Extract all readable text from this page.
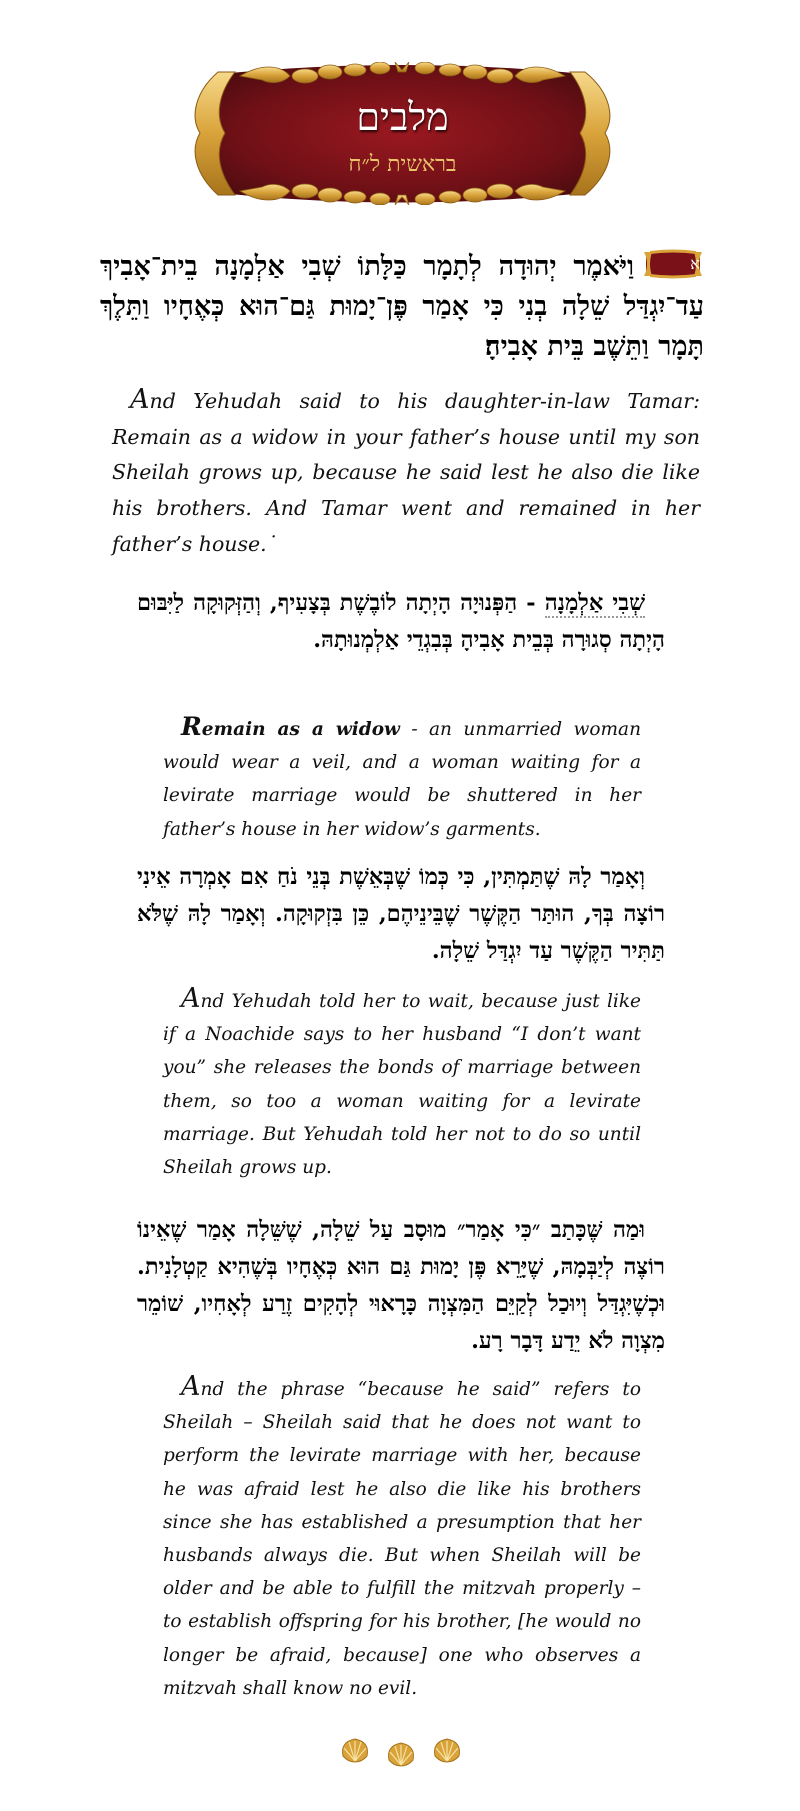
מלבים
בראשית ל״ח
יא
וַיֹּאמֶר יְהוּדָה לְתָמָר כַּלָּתוֹ שְׁבִי אַלְמָנָה בֵית־אָבִיךְ עַד־יִגְדַּל שֵׁלָה בְנִי כִּי אָמַר פֶּן־יָמוּת גַּם־הוּא כְּאֶחָיו וַתֵּלֶךְ תָּמָר וַתֵּשֶׁב בֵּית אָבִיהָ׃

And Yehudah said to his daughter-in-law Tamar: Remain as a widow in your father’s house until my son Sheilah grows up, because he said lest he also die like his brothers. And Tamar went and remained in her father’s house.˙

שְׁבִי אַלְמָנָה - הַפְּנוּיָה הָיְתָה לוֹבֶשֶׁת בְּצָעִיף, וְהַזְּקוּקָה לַיִּבּוּם הָיְתָה סְגוּרָה בְּבֵית אָבִיהָ בְּבִגְדֵי אַלְמְנוּתָהּ.

Remain as a widow - an unmarried woman would wear a veil, and a woman waiting for a levirate marriage would be shuttered in her father’s house in her widow’s garments.

וְאָמַר לָהּ שֶׁתַּמְתִּין, כִּי כְּמוֹ שֶׁבְּאֵשֶׁת בְּנֵי נֹחַ אִם אָמְרָה אֵינִי רוֹצָה בְּךָ, הוּתַּר הַקֶּשֶׁר שֶׁבֵּינֵיהֶם, כֵּן בִּזְקוּקָה. וְאָמַר לָהּ שֶׁלֹּא תַּתִּיר הַקֶּשֶׁר עַד יִגְדַּל שֵׁלָה.

And Yehudah told her to wait, because just like if a Noachide says to her husband “I don’t want you” she releases the bonds of marriage between them, so too a woman waiting for a levirate marriage. But Yehudah told her not to do so until Sheilah grows up.

וּמַה שֶּׁכָּתַב ״כִּי אָמַר״ מוּסָב עַל שֵׁלָה, שֶׁשֵּׁלָה אָמַר שֶׁאֵינוֹ רוֹצֶה לְיַבְּמָהּ, שֶׁיָּרֵא פֶּן יָמוּת גַּם הוּא כְּאֶחָיו בְּשֶׁהִיא קַטְלָנִית. וּכְשֶׁיִּגְדַּל וְיוּכַל לְקַיֵּם הַמִּצְוָה כָּרָאוּי לְהָקִים זֶרַע לְאָחִיו, שׁוֹמֵר מִצְוָה לֹא יֵדַע דָּבָר רָע.

And the phrase “because he said” refers to Sheilah – Sheilah said that he does not want to perform the levirate marriage with her, because he was afraid lest he also die like his brothers since she has established a presumption that her husbands always die. But when Sheilah will be older and be able to fulfill the mitzvah properly – to establish offspring for his brother, [he would no longer be afraid, because] one who observes a mitzvah shall know no evil.
